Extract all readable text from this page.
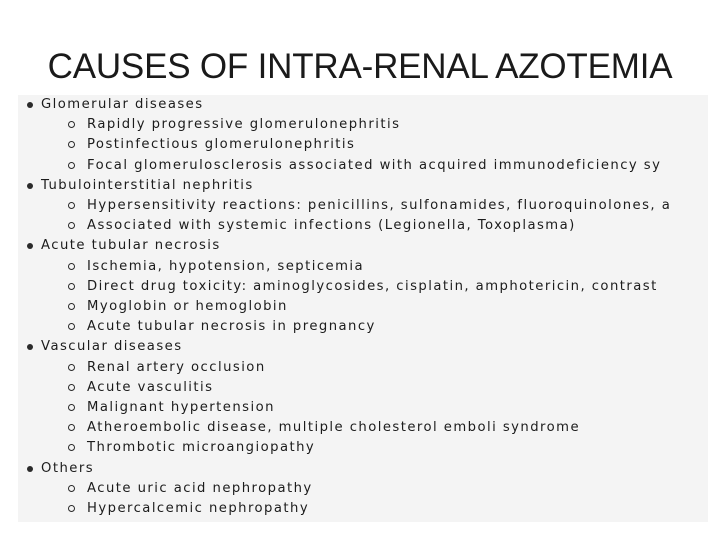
CAUSES OF INTRA-RENAL AZOTEMIA
Glomerular diseases
Rapidly progressive glomerulonephritis
Postinfectious glomerulonephritis
Focal glomerulosclerosis associated with acquired immunodeficiency sy
Tubulointerstitial nephritis
Hypersensitivity reactions: penicillins, sulfonamides, fluoroquinolones, a
Associated with systemic infections (Legionella, Toxoplasma)
Acute tubular necrosis
Ischemia, hypotension, septicemia
Direct drug toxicity: aminoglycosides, cisplatin, amphotericin, contrast
Myoglobin or hemoglobin
Acute tubular necrosis in pregnancy
Vascular diseases
Renal artery occlusion
Acute vasculitis
Malignant hypertension
Atheroembolic disease, multiple cholesterol emboli syndrome
Thrombotic microangiopathy
Others
Acute uric acid nephropathy
Hypercalcemic nephropathy
